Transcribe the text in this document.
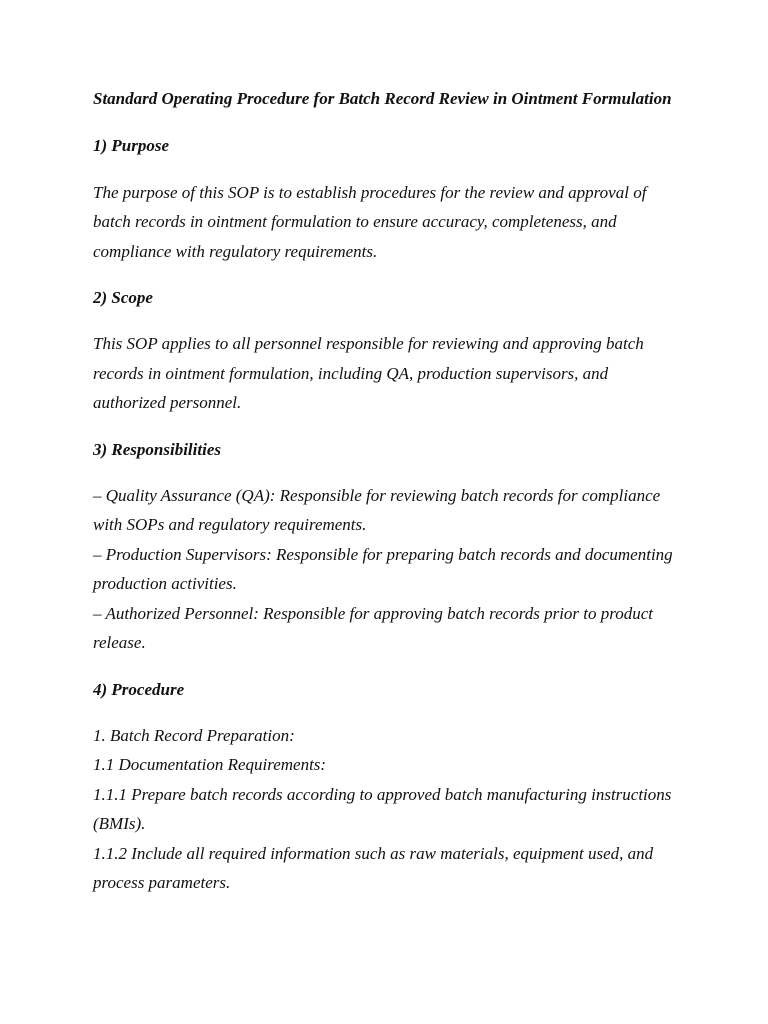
Standard Operating Procedure for Batch Record Review in Ointment Formulation
1) Purpose
The purpose of this SOP is to establish procedures for the review and approval of batch records in ointment formulation to ensure accuracy, completeness, and compliance with regulatory requirements.
2) Scope
This SOP applies to all personnel responsible for reviewing and approving batch records in ointment formulation, including QA, production supervisors, and authorized personnel.
3) Responsibilities
– Quality Assurance (QA): Responsible for reviewing batch records for compliance with SOPs and regulatory requirements.
– Production Supervisors: Responsible for preparing batch records and documenting production activities.
– Authorized Personnel: Responsible for approving batch records prior to product release.
4) Procedure
1. Batch Record Preparation:
1.1 Documentation Requirements:
1.1.1 Prepare batch records according to approved batch manufacturing instructions (BMIs).
1.1.2 Include all required information such as raw materials, equipment used, and process parameters.
